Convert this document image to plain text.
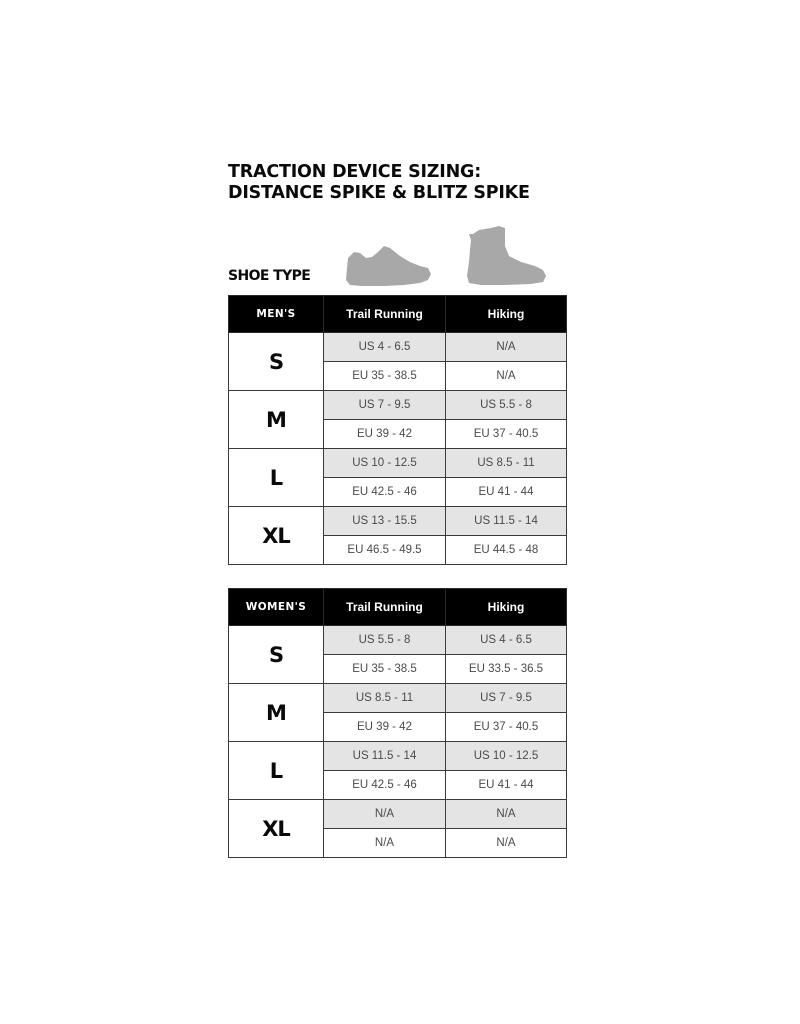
TRACTION DEVICE SIZING:
DISTANCE SPIKE & BLITZ SPIKE
SHOE TYPE
MEN'S	Trail Running	Hiking
S	US 4 - 6.5	N/A
	EU 35 - 38.5	N/A
M	US 7 - 9.5	US 5.5 - 8
	EU 39 - 42	EU 37 - 40.5
L	US 10 - 12.5	US 8.5 - 11
	EU 42.5 - 46	EU 41 - 44
XL	US 13 - 15.5	US 11.5 - 14
	EU 46.5 - 49.5	EU 44.5 - 48
WOMEN'S	Trail Running	Hiking
S	US 5.5 - 8	US 4 - 6.5
	EU 35 - 38.5	EU 33.5 - 36.5
M	US 8.5 - 11	US 7 - 9.5
	EU 39 - 42	EU 37 - 40.5
L	US 11.5 - 14	US 10 - 12.5
	EU 42.5 - 46	EU 41 - 44
XL	N/A	N/A
	N/A	N/A
